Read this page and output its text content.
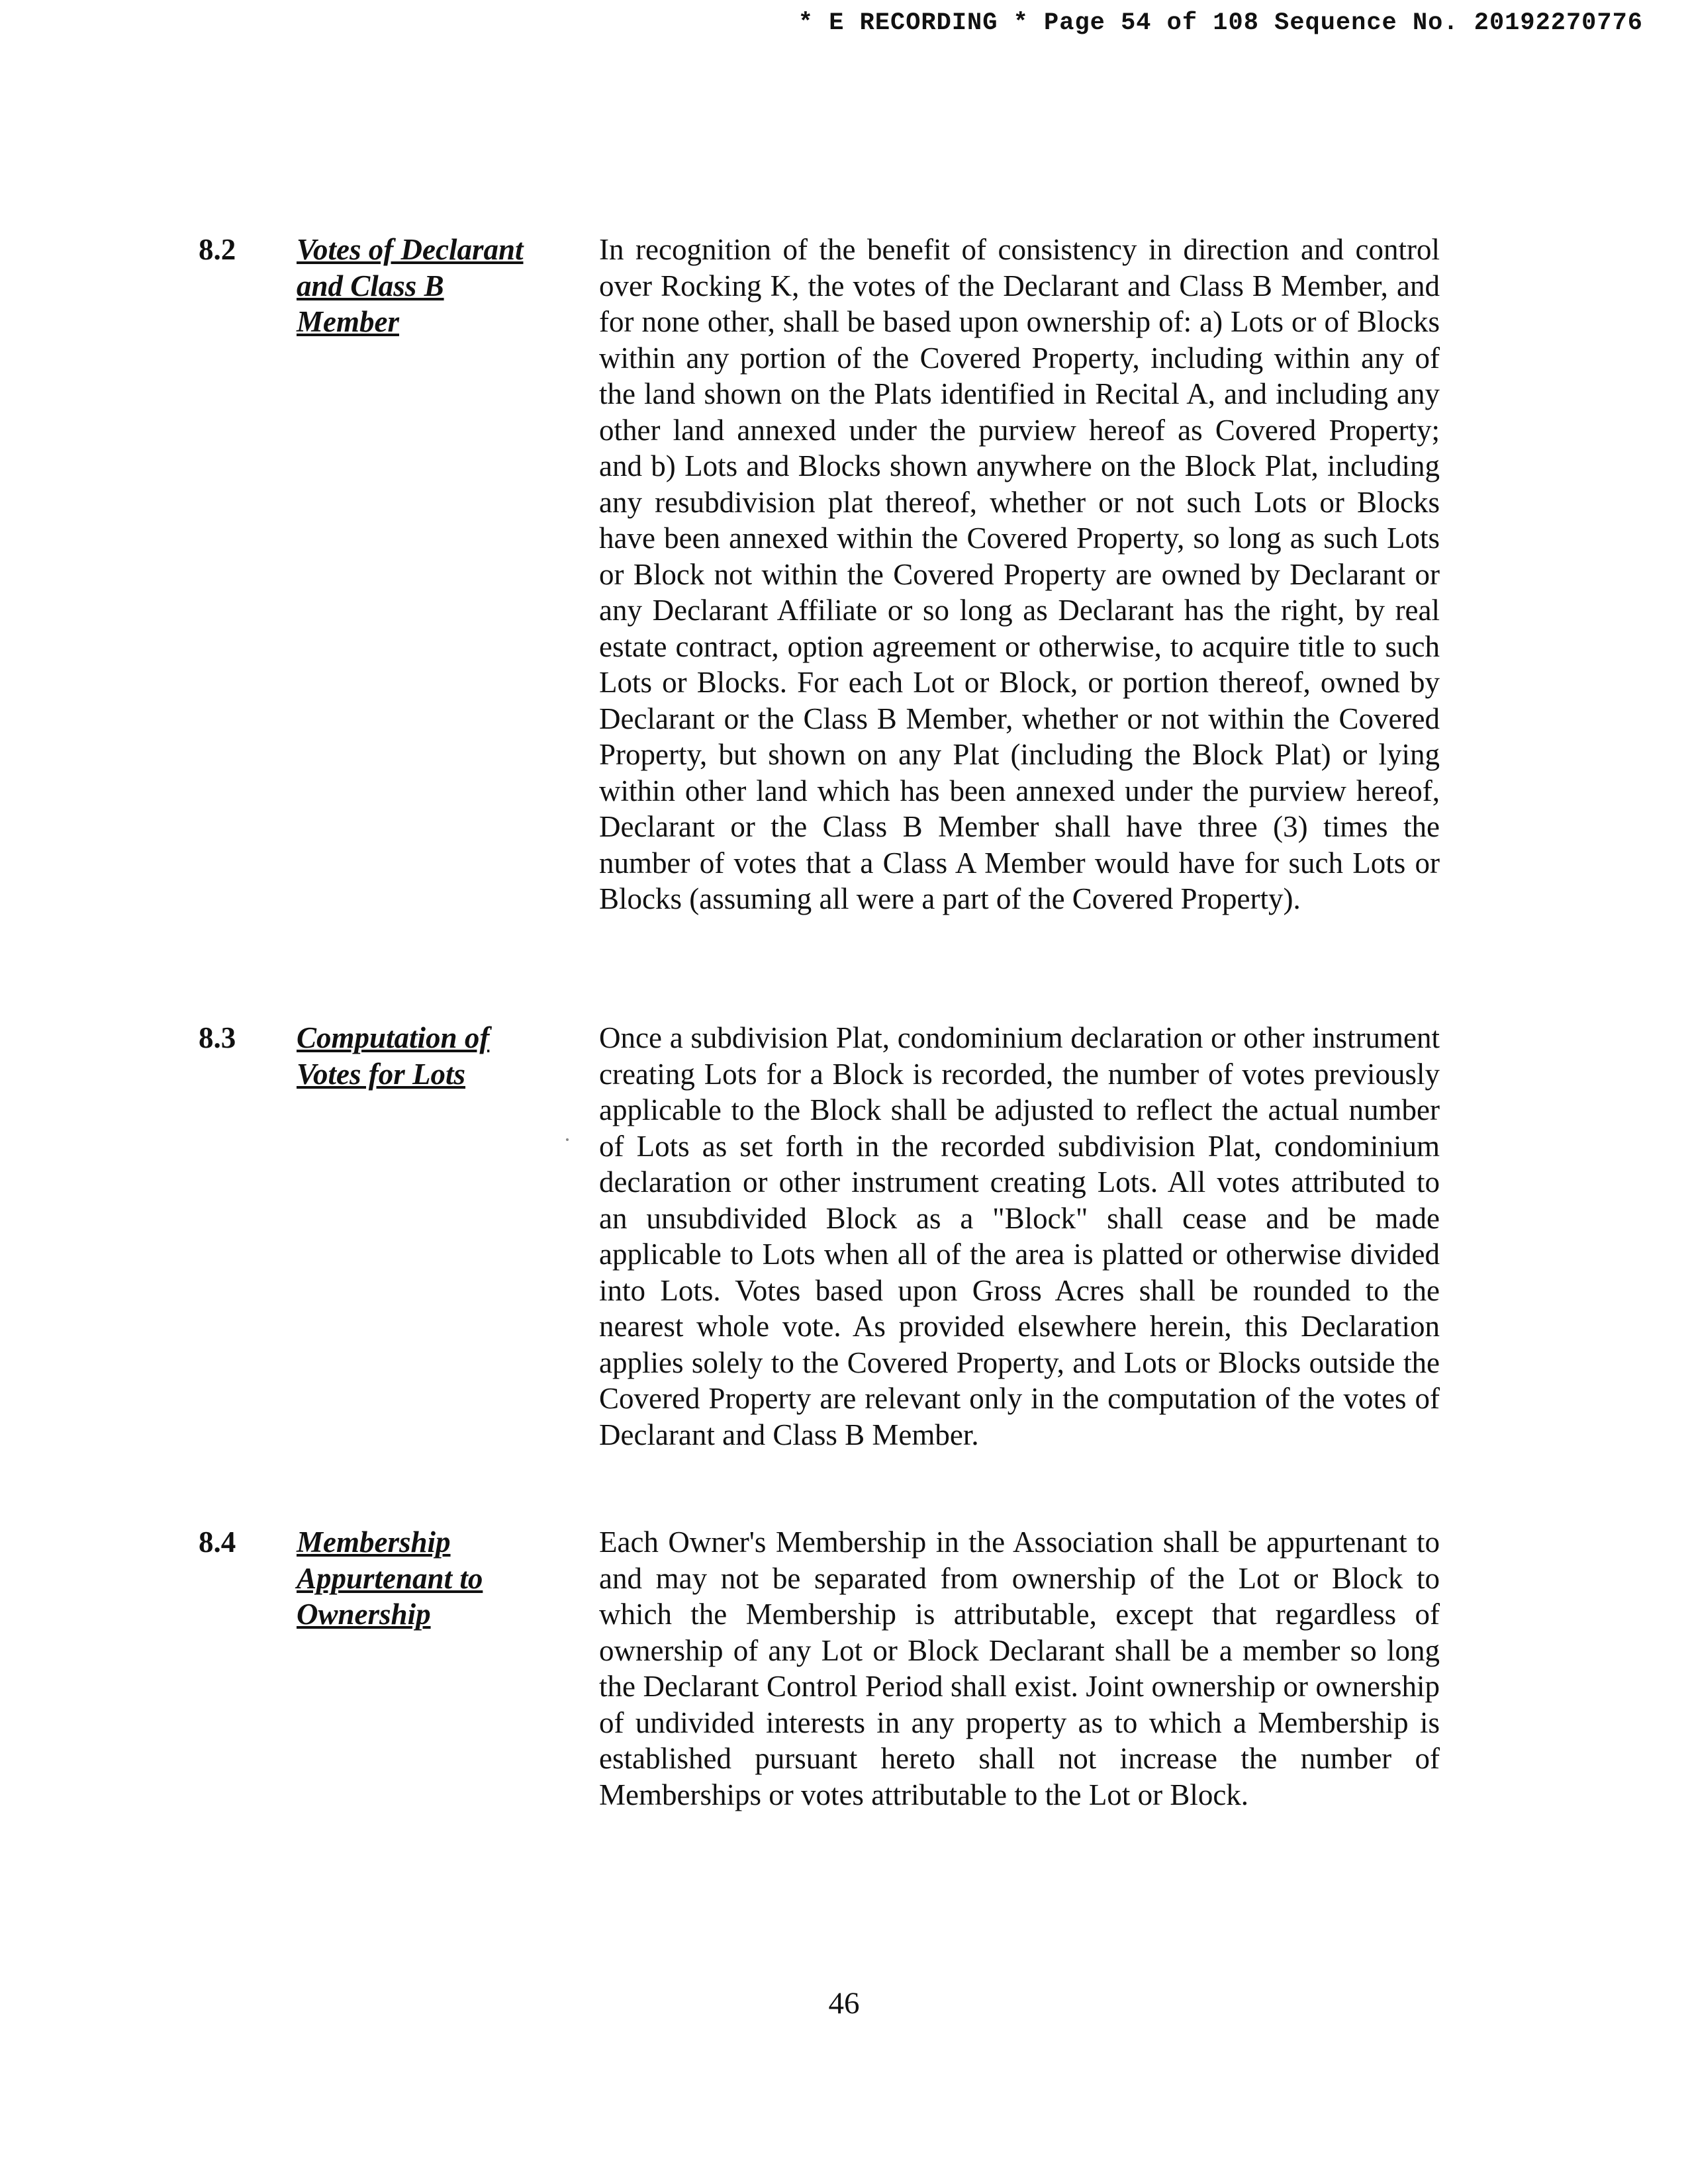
* E RECORDING * Page 54 of 108 Sequence No. 20192270776
8.2 Votes of Declarant
and Class B
Member

In recognition of the benefit of consistency in direction and control over Rocking K, the votes of the Declarant and Class B Member, and for none other, shall be based upon ownership of: a) Lots or of Blocks within any portion of the Covered Property, including within any of the land shown on the Plats identified in Recital A, and including any other land annexed under the purview hereof as Covered Property; and b) Lots and Blocks shown anywhere on the Block Plat, including any resubdivision plat thereof, whether or not such Lots or Blocks have been annexed within the Covered Property, so long as such Lots or Block not within the Covered Property are owned by Declarant or any Declarant Affiliate or so long as Declarant has the right, by real estate contract, option agreement or otherwise, to acquire title to such Lots or Blocks. For each Lot or Block, or portion thereof, owned by Declarant or the Class B Member, whether or not within the Covered Property, but shown on any Plat (including the Block Plat) or lying within other land which has been annexed under the purview hereof, Declarant or the Class B Member shall have three (3) times the number of votes that a Class A Member would have for such Lots or Blocks (assuming all were a part of the Covered Property).

8.3 Computation of
Votes for Lots

Once a subdivision Plat, condominium declaration or other instrument creating Lots for a Block is recorded, the number of votes previously applicable to the Block shall be adjusted to reflect the actual number of Lots as set forth in the recorded subdivision Plat, condominium declaration or other instrument creating Lots. All votes attributed to an unsubdivided Block as a "Block" shall cease and be made applicable to Lots when all of the area is platted or otherwise divided into Lots. Votes based upon Gross Acres shall be rounded to the nearest whole vote. As provided elsewhere herein, this Declaration applies solely to the Covered Property, and Lots or Blocks outside the Covered Property are relevant only in the computation of the votes of Declarant and Class B Member.

8.4 Membership
Appurtenant to
Ownership

Each Owner's Membership in the Association shall be appurtenant to and may not be separated from ownership of the Lot or Block to which the Membership is attributable, except that regardless of ownership of any Lot or Block Declarant shall be a member so long the Declarant Control Period shall exist. Joint ownership or ownership of undivided interests in any property as to which a Membership is established pursuant hereto shall not increase the number of Memberships or votes attributable to the Lot or Block.

46
